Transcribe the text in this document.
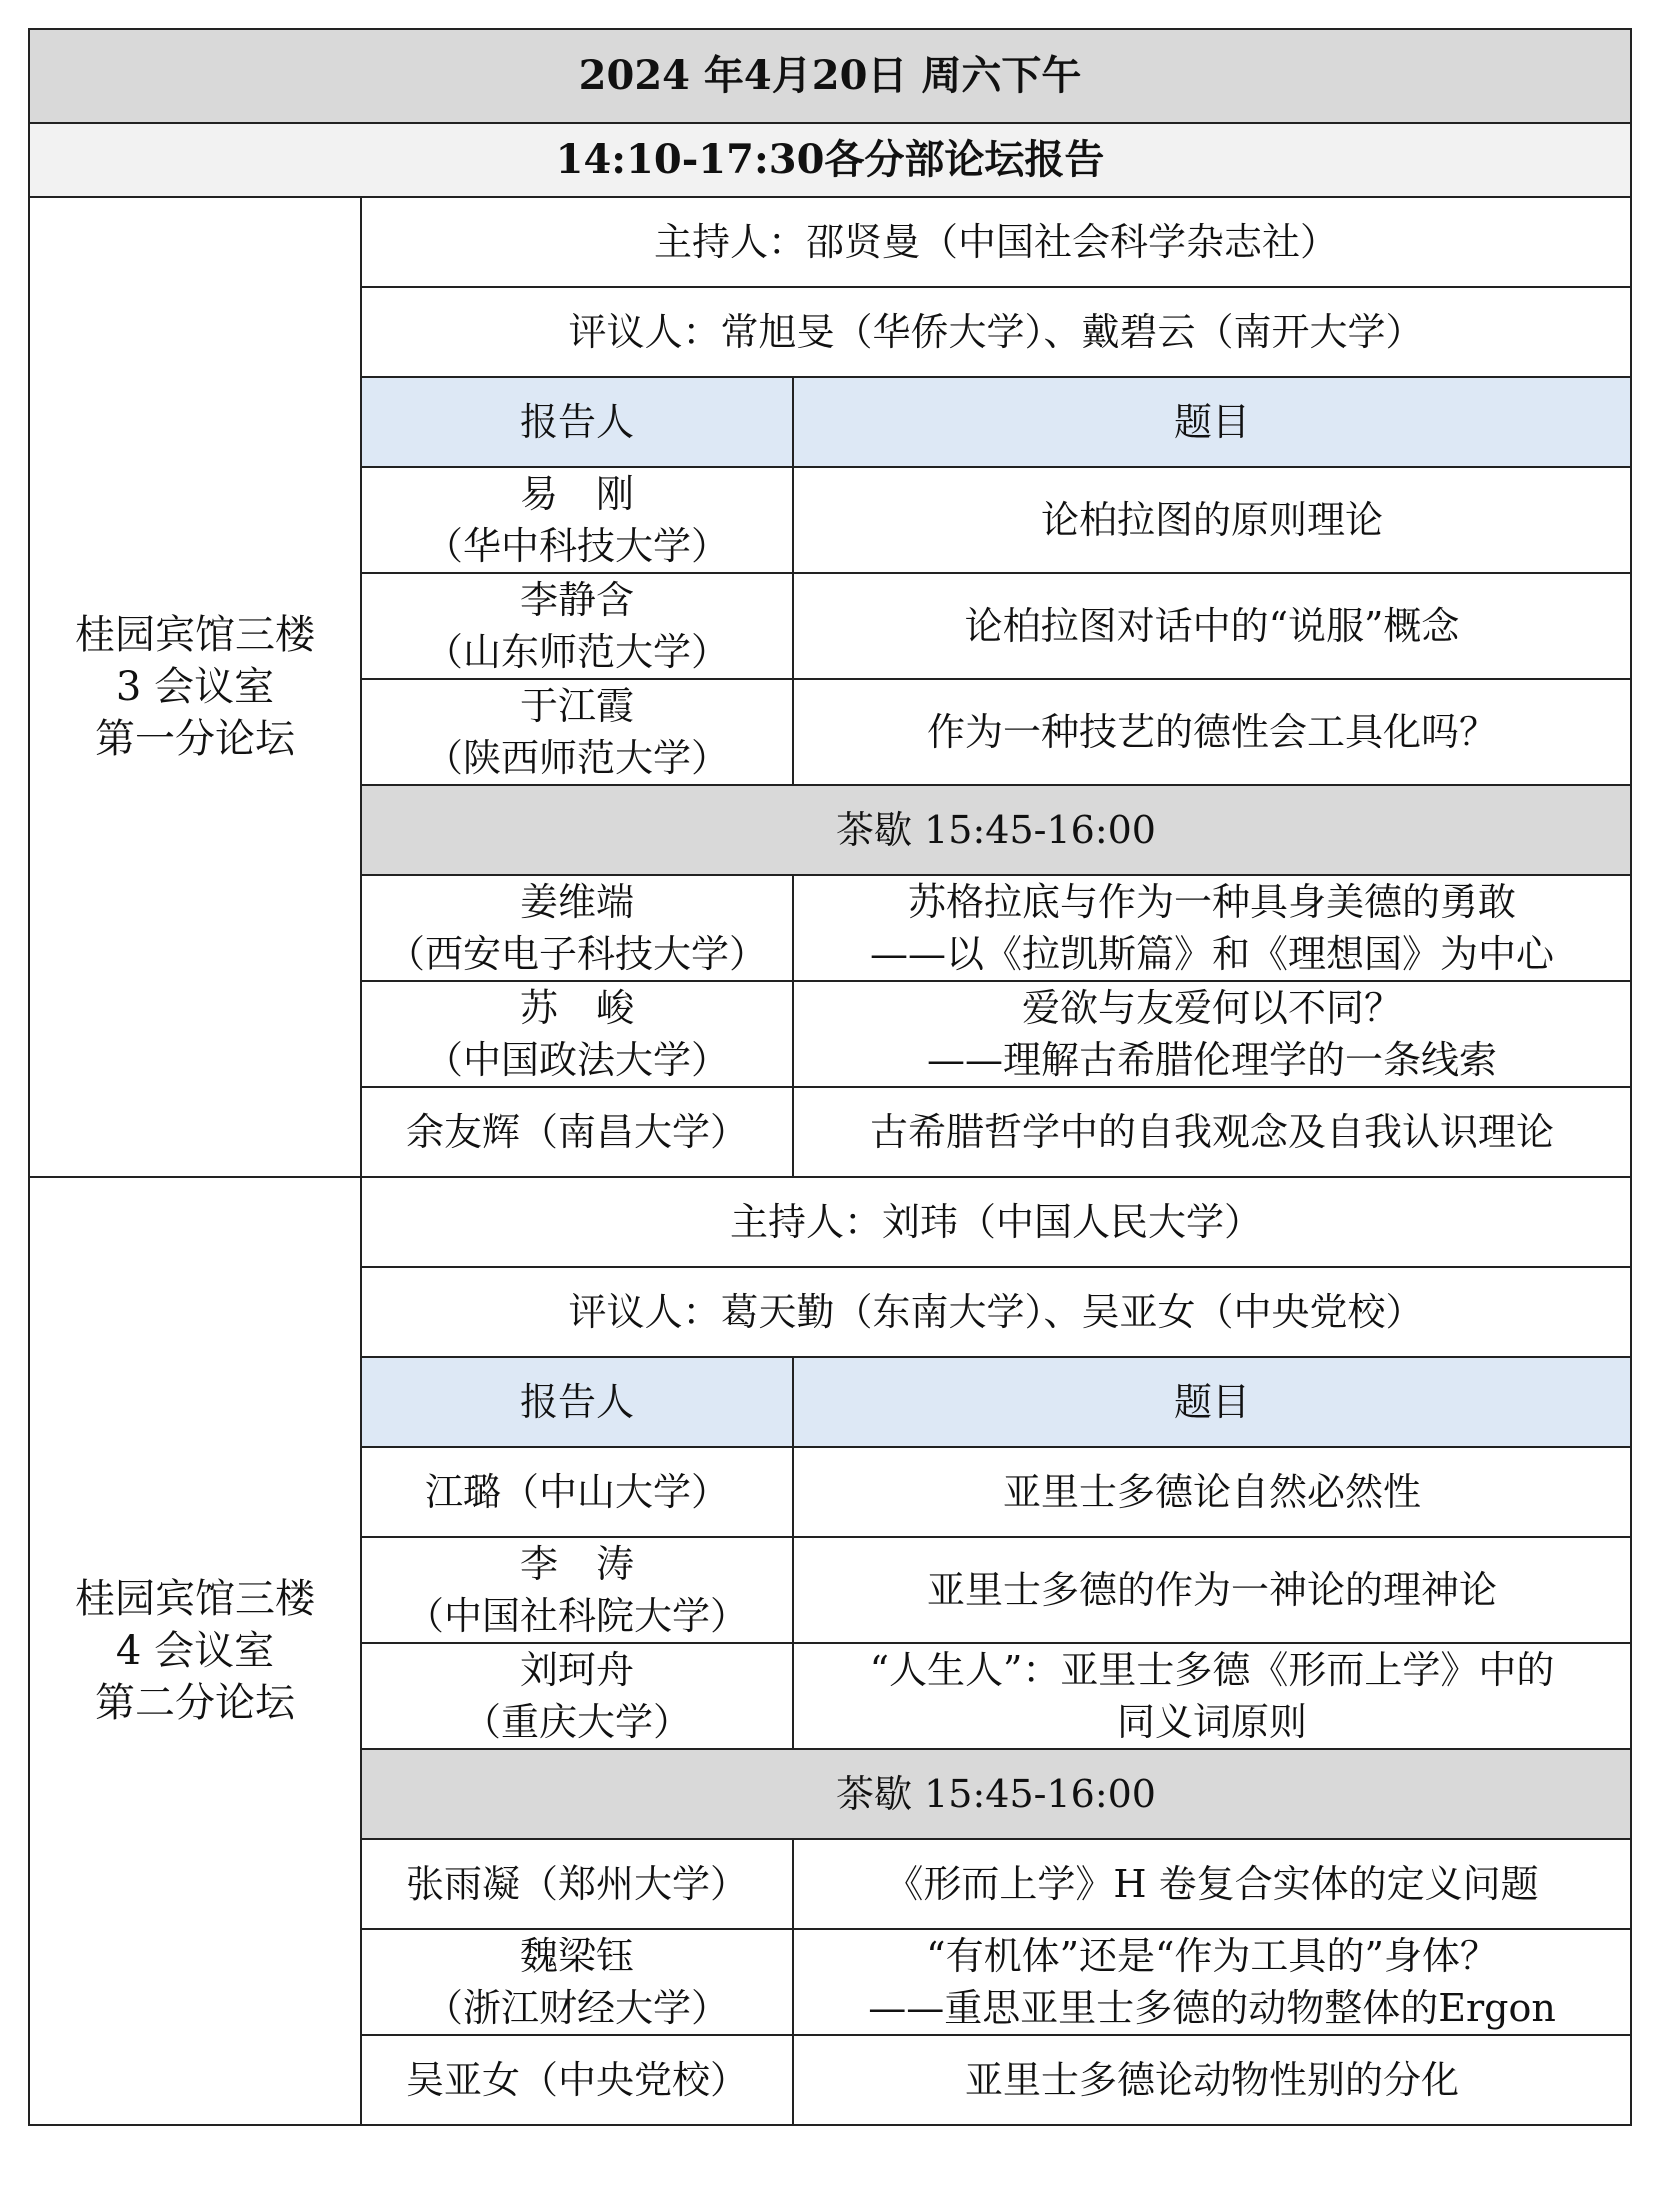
2024 年4月20日 周六下午		
14:10-17:30各分部论坛报告		

桂园宾馆三楼
3 会议室
第一分论坛	主持人：邵贤曼（中国社会科学杂志社）	
	评议人：常旭旻（华侨大学）、戴碧云（南开大学）	
	报告人	题目

	易　刚
（华中科技大学）	论柏拉图的原则理论

	李静含
（山东师范大学）	论柏拉图对话中的“说服”概念

	于江霞
（陕西师范大学）	作为一种技艺的德性会工具化吗？

	茶歇 15:45-16:00	

	姜维端
（西安电子科技大学）	苏格拉底与作为一种具身美德的勇敢
——以《拉凯斯篇》和《理想国》为中心

	苏　峻
（中国政法大学）	爱欲与友爱何以不同？
——理解古希腊伦理学的一条线索

	余友辉（南昌大学）	古希腊哲学中的自我观念及自我认识理论

桂园宾馆三楼
4 会议室
第二分论坛	主持人：刘玮（中国人民大学）	
	评议人：葛天勤（东南大学）、吴亚女（中央党校）	
	报告人	题目

	江璐（中山大学）	亚里士多德论自然必然性

	李　涛
（中国社科院大学）	亚里士多德的作为一神论的理神论

	刘珂舟
（重庆大学）	“人生人”：亚里士多德《形而上学》中的
同义词原则

	茶歇 15:45-16:00	

	张雨凝（郑州大学）	《形而上学》H 卷复合实体的定义问题

	魏梁钰
（浙江财经大学）	“有机体”还是“作为工具的”身体？
——重思亚里士多德的动物整体的Ergon

	吴亚女（中央党校）	亚里士多德论动物性别的分化
